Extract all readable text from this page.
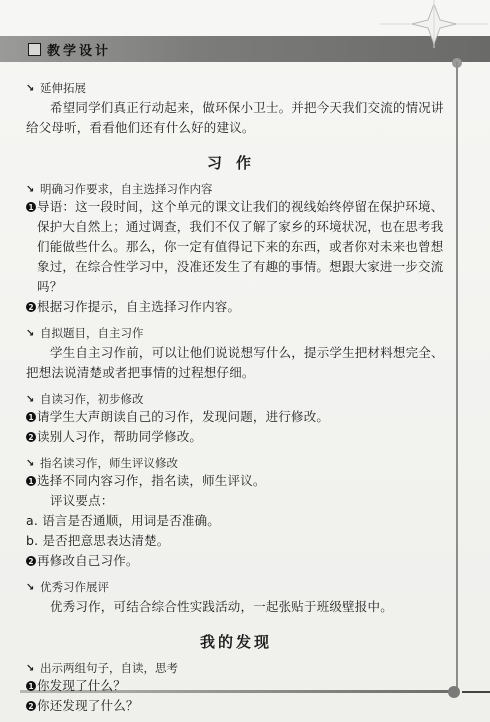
教学设计
↘ 延伸拓展

希望同学们真正行动起来，做环保小卫士。并把今天我们交流的情况讲给父母听，看看他们还有什么好的建议。

习作
↘ 明确习作要求，自主选择习作内容
1 导语：这一段时间，这个单元的课文让我们的视线始终停留在保护环境、保护大自然上；通过调查，我们不仅了解了家乡的环境状况，也在思考我们能做些什么。那么，你一定有值得记下来的东西，或者你对未来也曾想象过，在综合性学习中，没准还发生了有趣的事情。想跟大家进一步交流吗？

2 根据习作提示，自主选择习作内容。

↘ 自拟题目，自主习作

学生自主习作前，可以让他们说说想写什么，提示学生把材料想完全、把想法说清楚或者把事情的过程想仔细。

↘ 自读习作，初步修改
1 请学生大声朗读自己的习作，发现问题，进行修改。

2 读别人习作，帮助同学修改。

↘ 指名读习作，师生评议修改
1 选择不同内容习作，指名读，师生评议。

评议要点：

a. 语言是否通顺，用词是否准确。

b. 是否把意思表达清楚。

2 再修改自己习作。

↘ 优秀习作展评

优秀习作，可结合综合性实践活动，一起张贴于班级壁报中。

我的发现
↘ 出示两组句子，自读，思考
1 你发现了什么？

2 你还发现了什么？
